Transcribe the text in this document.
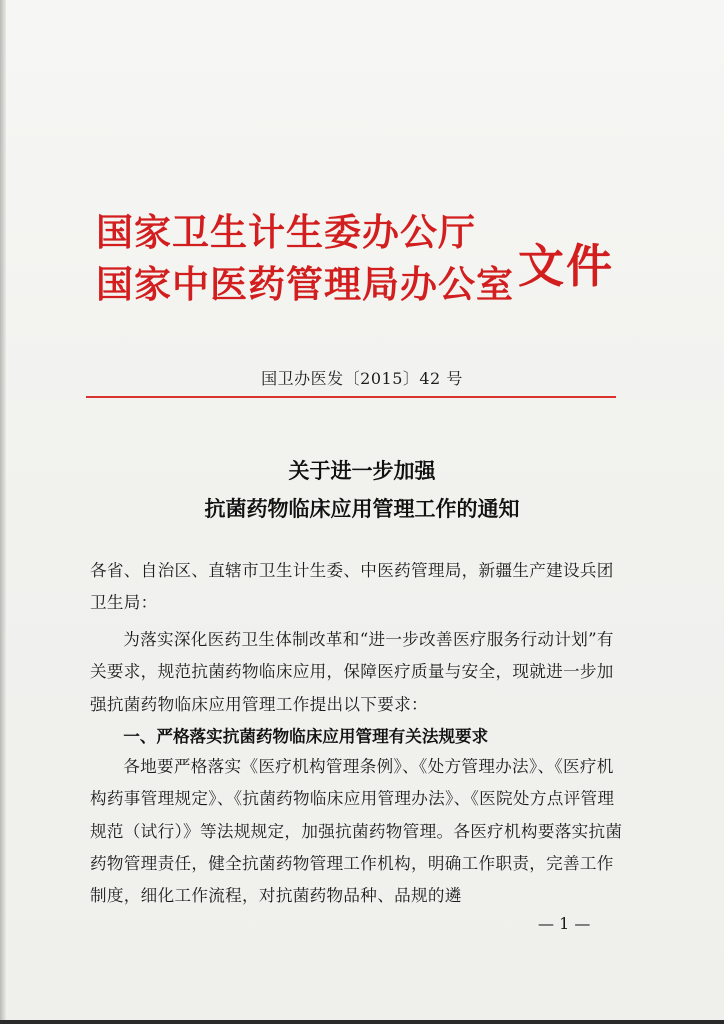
国家卫生计生委办公厅
国家中医药管理局办公室 文件
国卫办医发〔2015〕42 号
关于进一步加强
抗菌药物临床应用管理工作的通知
各省、自治区、直辖市卫生计生委、中医药管理局，新疆生产建设兵团卫生局：
为落实深化医药卫生体制改革和“进一步改善医疗服务行动计划”有关要求，规范抗菌药物临床应用，保障医疗质量与安全，现就进一步加强抗菌药物临床应用管理工作提出以下要求：
一、严格落实抗菌药物临床应用管理有关法规要求
各地要严格落实《医疗机构管理条例》、《处方管理办法》、《医疗机构药事管理规定》、《抗菌药物临床应用管理办法》、《医院处方点评管理规范（试行）》等法规规定，加强抗菌药物管理。各医疗机构要落实抗菌药物管理责任，健全抗菌药物管理工作机构，明确工作职责，完善工作制度，细化工作流程，对抗菌药物品种、品规的遴
— 1 —
